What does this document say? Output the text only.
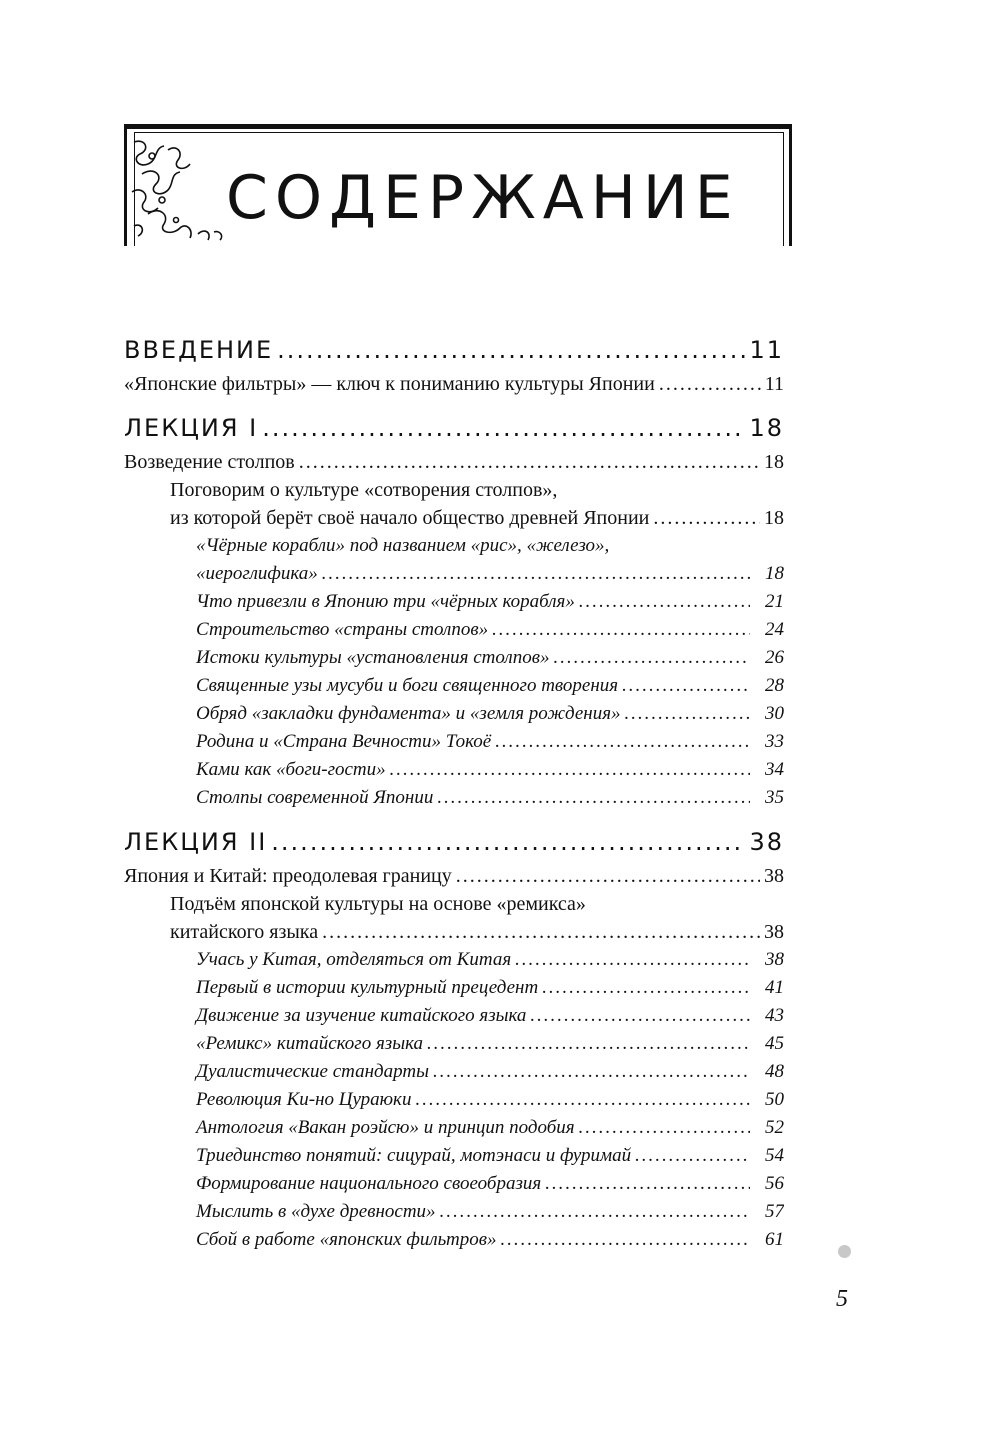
СОДЕРЖАНИЕ
ВВЕДЕНИЕ .....	11
«Японские фильтры» — ключ к пониманию культуры Японии .....	11
ЛЕКЦИЯ I .....	18
Возведение столпов .....	18
Поговорим о культуре «сотворения столпов»,
из которой берёт своё начало общество древней Японии .....	18
«Чёрные корабли» под названием «рис», «железо»,
«иероглифика» .....	18
Что привезли в Японию три «чёрных корабля» .....	21
Строительство «страны столпов» .....	24
Истоки культуры «установления столпов» .....	26
Священные узы мусуби и боги священного творения .....	28
Обряд «закладки фундамента» и «земля рождения» .....	30
Родина и «Страна Вечности» Токоё .....	33
Ками как «боги-гости» .....	34
Столпы современной Японии .....	35
ЛЕКЦИЯ II .....	38
Япония и Китай: преодолевая границу .....	38
Подъём японской культуры на основе «ремикса»
китайского языка .....	38
Учась у Китая, отделяться от Китая .....	38
Первый в истории культурный прецедент .....	41
Движение за изучение китайского языка .....	43
«Ремикс» китайского языка .....	45
Дуалистические стандарты .....	48
Революция Ки-но Цураюки .....	50
Антология «Вакан роэйсю» и принцип подобия .....	52
Триединство понятий: сицурай, мотэнаси и фуримай .....	54
Формирование национального своеобразия .....	56
Мыслить в «духе древности» .....	57
Сбой в работе «японских фильтров» .....	61
5
